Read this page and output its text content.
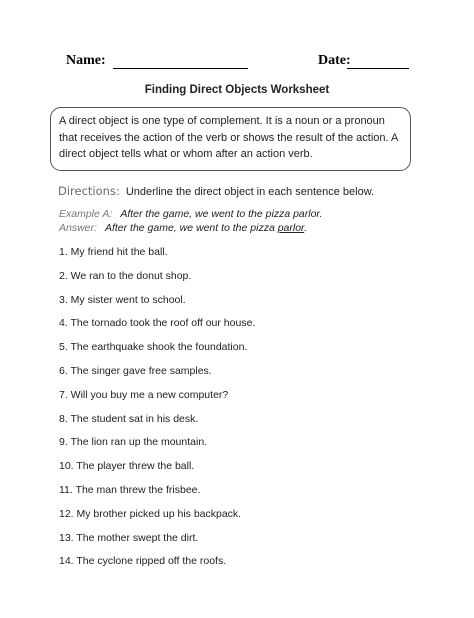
Name:	Date:
Finding Direct Objects Worksheet
A direct object is one type of complement. It is a noun or a pronoun that receives the action of the verb or shows the result of the action. A direct object tells what or whom after an action verb.
Directions: Underline the direct object in each sentence below.
Example A: After the game, we went to the pizza parlor.
Answer: After the game, we went to the pizza parlor.
1. My friend hit the ball.
2. We ran to the donut shop.
3. My sister went to school.
4. The tornado took the roof off our house.
5. The earthquake shook the foundation.
6. The singer gave free samples.
7. Will you buy me a new computer?
8. The student sat in his desk.
9. The lion ran up the mountain.
10. The player threw the ball.
11. The man threw the frisbee.
12. My brother picked up his backpack.
13. The mother swept the dirt.
14. The cyclone ripped off the roofs.
